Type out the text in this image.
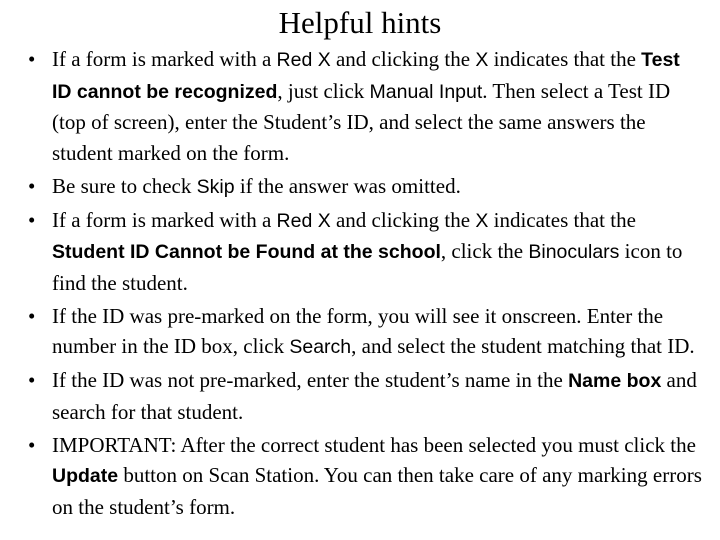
Helpful hints
• If a form is marked with a Red X and clicking the X indicates that the Test ID cannot be recognized, just click Manual Input. Then select a Test ID (top of screen), enter the Student’s ID, and select the same answers the student marked on the form.
• Be sure to check Skip if the answer was omitted.
• If a form is marked with a Red X and clicking the X indicates that the Student ID Cannot be Found at the school, click the Binoculars icon to find the student.
• If the ID was pre-marked on the form, you will see it onscreen. Enter the number in the ID box, click Search, and select the student matching that ID.
• If the ID was not pre-marked, enter the student’s name in the Name box and search for that student.
• IMPORTANT: After the correct student has been selected you must click the Update button on Scan Station. You can then take care of any marking errors on the student’s form.
